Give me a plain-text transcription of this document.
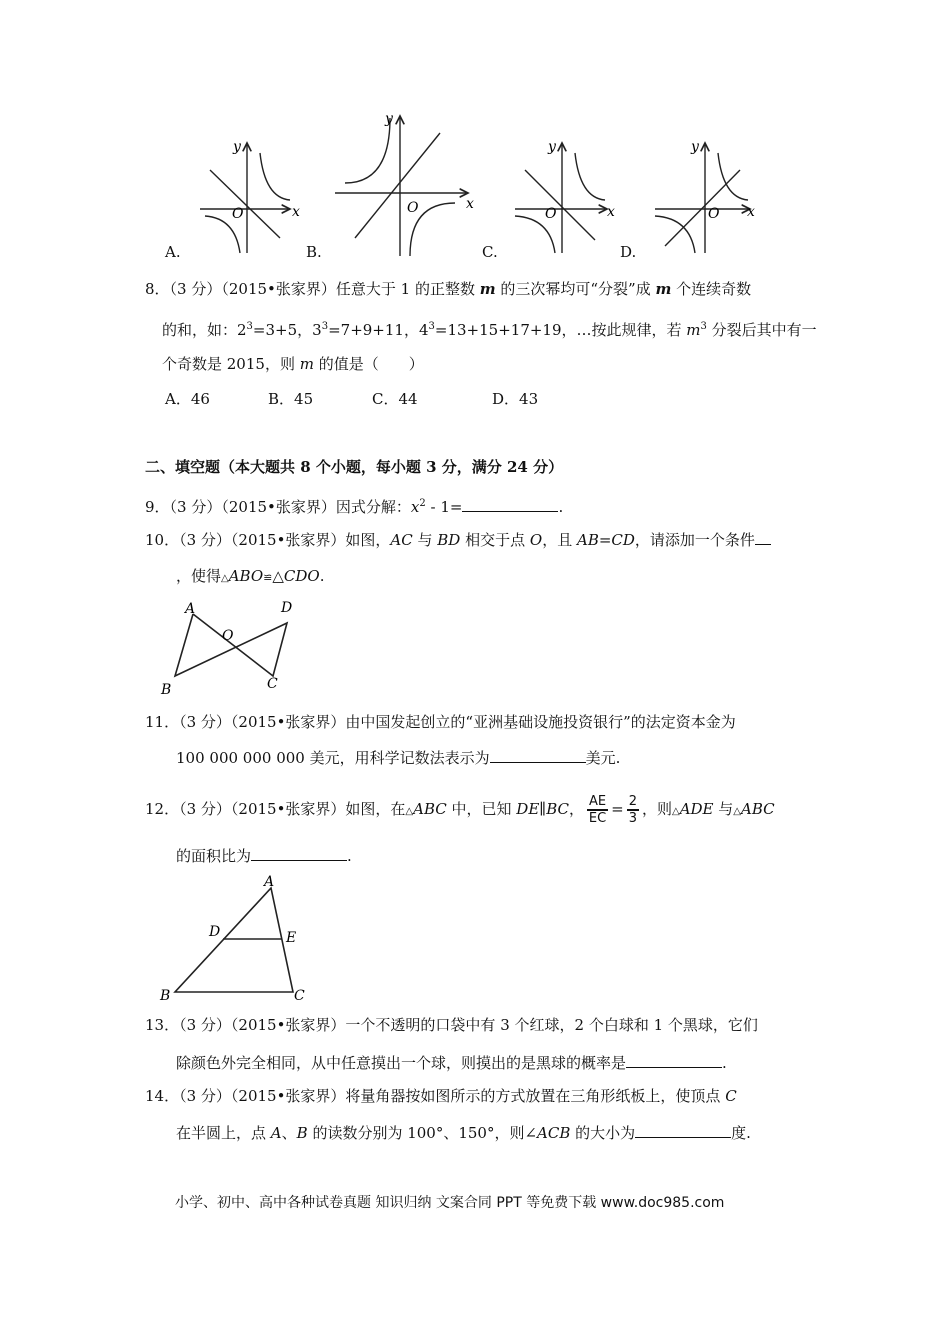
y
x
O
y
x
O
y
x
O
y
x
O
A.	B.	C.	D.
8．（3 分）（2015•张家界）任意大于 1 的正整数 m 的三次幂均可“分裂”成 m 个连续奇数
的和，如：$2^3=3+5$，$3^3=7+9+11$，$4^3=13+15+17+19$，…按此规律，若 $m^3$ 分裂后其中有一
个奇数是 2015，则 m 的值是（　　）
A．46	B．45	C．44	D．43
二、填空题（本大题共 8 个小题，每小题 3 分，满分 24 分）
9．（3 分）（2015•张家界）因式分解：$x^2 - 1=$	.
10．（3 分）（2015•张家界）如图，AC 与 BD 相交于点 O，且 AB=CD，请添加一个条件
，使得△ABO≌△CDO.
A	D
O
B	C
11．（3 分）（2015•张家界）由中国发起创立的“亚洲基础设施投资银行”的法定资本金为
100 000 000 000 美元，用科学记数法表示为	美元.
12．（3 分）（2015•张家界）如图，在△ABC 中，已知 DE∥BC， $\frac{AE}{EC} = \frac{2}{3}$ ，则△ADE 与△ABC
的面积比为	.
A
D	E
B	C
13．（3 分）（2015•张家界）一个不透明的口袋中有 3 个红球，2 个白球和 1 个黑球，它们
除颜色外完全相同，从中任意摸出一个球，则摸出的是黑球的概率是	.
14．（3 分）（2015•张家界）将量角器按如图所示的方式放置在三角形纸板上，使顶点 C
在半圆上，点 A、B 的读数分别为 100°、150°，则∠ACB 的大小为	度.
小学、初中、高中各种试卷真题 知识归纳 文案合同 PPT 等免费下载 www.doc985.com
